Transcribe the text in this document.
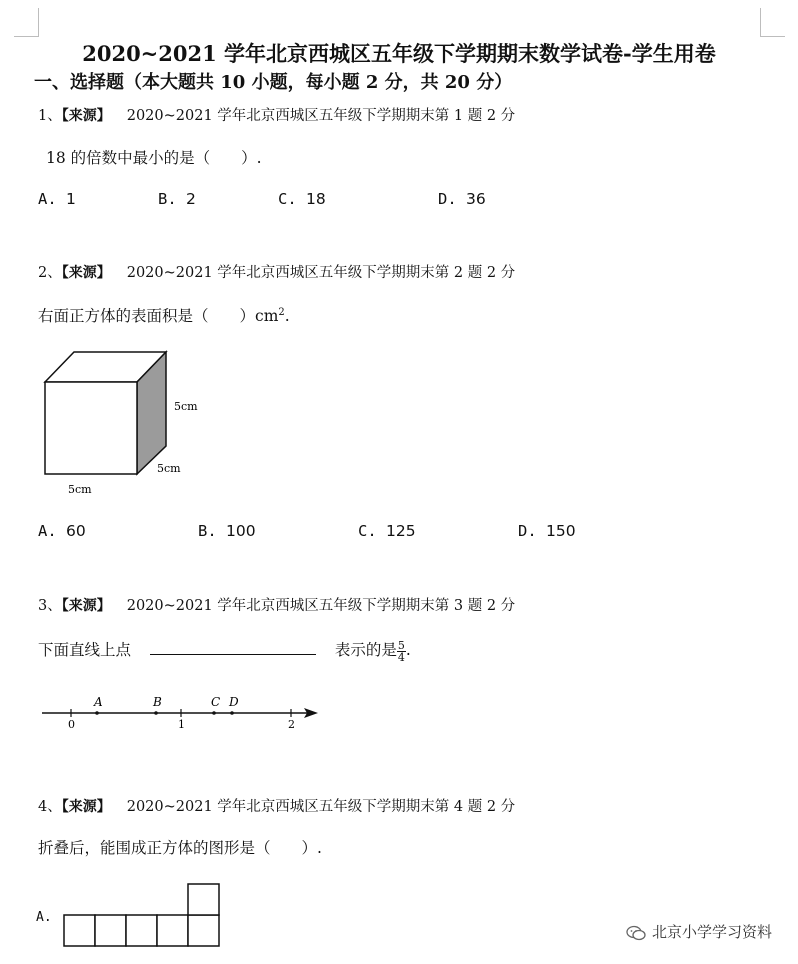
2020~2021 学年北京西城区五年级下学期期末数学试卷-学生用卷
一、选择题（本大题共 10 小题，每小题 2 分，共 20 分）
1、【来源】 2020~2021 学年北京西城区五年级下学期期末第 1 题 2 分
18 的倍数中最小的是（　　）.
A. 1	B. 2	C. 18	D. 36
2、【来源】 2020~2021 学年北京西城区五年级下学期期末第 2 题 2 分
右面正方体的表面积是（　　）$cm^2$.
5cm
5cm
5cm
A. 60	B. 100	C. 125	D. 150
3、【来源】 2020~2021 学年北京西城区五年级下学期期末第 3 题 2 分
下面直线上点	表示的是 $\frac{5}{4}$ .
0	1	2
A	B	C D
4、【来源】 2020~2021 学年北京西城区五年级下学期期末第 4 题 2 分
折叠后，能围成正方体的图形是（　　）.
A.
北京小学学习资料
